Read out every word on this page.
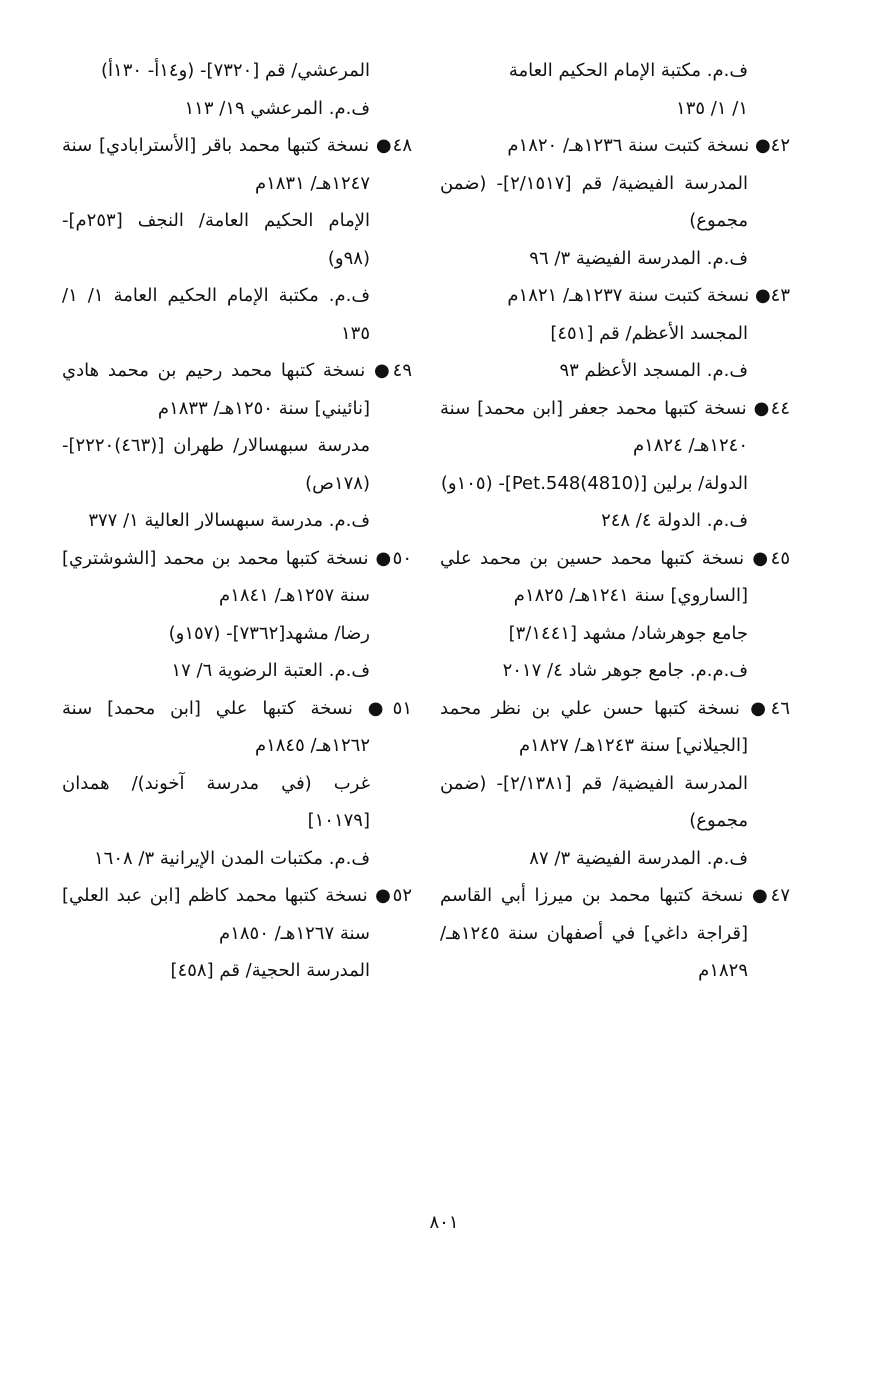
ف.م. مكتبة الإمام الحكيم العامة
١/ ١/ ١٣٥
٤٢● نسخة كتبت سنة ١٢٣٦هـ/ ١٨٢٠م
المدرسة الفيضية/ قم [٢/١٥١٧]- (ضمن مجموع)
ف.م. المدرسة الفيضية ٣/ ٩٦
٤٣● نسخة كتبت سنة ١٢٣٧هـ/ ١٨٢١م
المجسد الأعظم/ قم [٤٥١]
ف.م. المسجد الأعظم ٩٣
٤٤● نسخة كتبها محمد جعفر [ابن محمد] سنة ١٢٤٠هـ/ ١٨٢٤م
الدولة/ برلين [(4810)Pet.548]- (١٠٥و)
ف.م. الدولة ٤/ ٢٤٨
٤٥● نسخة كتبها محمد حسين بن محمد علي [الساروي] سنة ١٢٤١هـ/ ١٨٢٥م
جامع جوهرشاد/ مشهد [٣/١٤٤١]
ف.م.م. جامع جوهر شاد ٤/ ٢٠١٧
٤٦● نسخة كتبها حسن علي بن نظر محمد [الجيلاني] سنة ١٢٤٣هـ/ ١٨٢٧م
المدرسة الفيضية/ قم [٢/١٣٨١]- (ضمن مجموع)
ف.م. المدرسة الفيضية ٣/ ٨٧
٤٧● نسخة كتبها محمد بن ميرزا أبي القاسم [قراجة داغي] في أصفهان سنة ١٢٤٥هـ/ ١٨٢٩م
المرعشي/ قم [٧٣٢٠]- (و١٤أ- ١٣٠أ)
ف.م. المرعشي ١٩/ ١١٣
٤٨● نسخة كتبها محمد باقر [الأسترابادي] سنة ١٢٤٧هـ/ ١٨٣١م
الإمام الحكيم العامة/ النجف [٢٥٣م]- (٩٨و)
ف.م. مكتبة الإمام الحكيم العامة ١/ ١/ ١٣٥
٤٩● نسخة كتبها محمد رحيم بن محمد هادي [نائيني] سنة ١٢٥٠هـ/ ١٨٣٣م
مدرسة سبهسالار/ طهران [(٤٦٣)٢٢٢٠]- (١٧٨ص)
ف.م. مدرسة سبهسالار العالية ١/ ٣٧٧
٥٠● نسخة كتبها محمد بن محمد [الشوشتري] سنة ١٢٥٧هـ/ ١٨٤١م
رضا/ مشهد[٧٣٦٢]- (١٥٧و)
ف.م. العتبة الرضوية ٦/ ١٧
٥١● نسخة كتبها علي [ابن محمد] سنة ١٢٦٢هـ/ ١٨٤٥م
غرب (في مدرسة آخوند)/ همدان [١٠١٧٩]
ف.م. مكتبات المدن الإيرانية ٣/ ١٦٠٨
٥٢● نسخة كتبها محمد كاظم [ابن عبد العلي] سنة ١٢٦٧هـ/ ١٨٥٠م
المدرسة الحجية/ قم [٤٥٨]
٨٠١
